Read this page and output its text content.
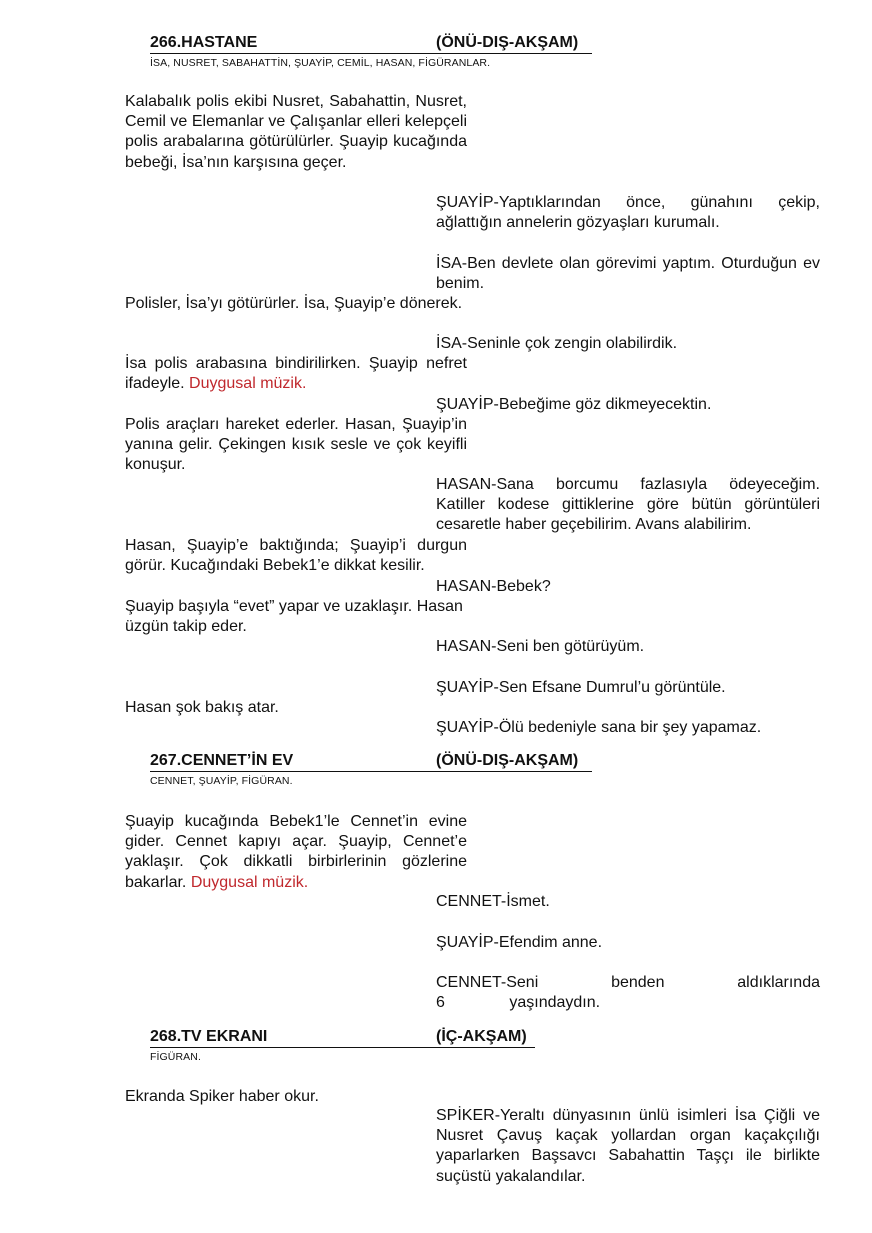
266.HASTANE	(ÖNÜ-DIŞ-AKŞAM)
İSA, NUSRET, SABAHATTİN, ŞUAYİP, CEMİL, HASAN, FİGÜRANLAR.
Kalabalık polis ekibi Nusret, Sabahattin, Nusret, Cemil ve Elemanlar ve Çalışanlar elleri kelepçeli polis arabalarına götürülürler. Şuayip kucağında bebeği, İsa’nın karşısına geçer.
ŞUAYİP-Yaptıklarından önce, günahını çekip, ağlattığın annelerin gözyaşları kurumalı.
İSA-Ben devlete olan görevimi yaptım. Oturduğun ev benim.
Polisler, İsa’yı götürürler. İsa, Şuayip’e dönerek.
İSA-Seninle çok zengin olabilirdik.
İsa polis arabasına bindirilirken. Şuayip nefret ifadeyle. Duygusal müzik.
ŞUAYİP-Bebeğime göz dikmeyecektin.
Polis araçları hareket ederler. Hasan, Şuayip’in yanına gelir. Çekingen kısık sesle ve çok keyifli konuşur.
HASAN-Sana borcumu fazlasıyla ödeyeceğim. Katiller kodese gittiklerine göre bütün görüntüleri cesaretle haber geçebilirim. Avans alabilirim.
Hasan, Şuayip’e baktığında; Şuayip’i durgun görür. Kucağındaki Bebek1’e dikkat kesilir.
HASAN-Bebek?
Şuayip başıyla “evet” yapar ve uzaklaşır. Hasan üzgün takip eder.
HASAN-Seni ben götürüyüm.
ŞUAYİP-Sen Efsane Dumrul’u görüntüle.
Hasan şok bakış atar.
ŞUAYİP-Ölü bedeniyle sana bir şey yapamaz.
267.CENNET’İN EV	(ÖNÜ-DIŞ-AKŞAM)
CENNET, ŞUAYİP, FİGÜRAN.
Şuayip kucağında Bebek1’le Cennet’in evine gider. Cennet kapıyı açar. Şuayip, Cennet’e yaklaşır. Çok dikkatli birbirlerinin gözlerine bakarlar. Duygusal müzik.
CENNET-İsmet.
ŞUAYİP-Efendim anne.
CENNET-Seni benden aldıklarında 6 yaşındaydın.
268.TV EKRANI	(İÇ-AKŞAM)
FİGÜRAN.
Ekranda Spiker haber okur.
SPİKER-Yeraltı dünyasının ünlü isimleri İsa Çiğli ve Nusret Çavuş kaçak yollardan organ kaçakçılığı yaparlarken Başsavcı Sabahattin Taşçı ile birlikte suçüstü yakalandılar.
